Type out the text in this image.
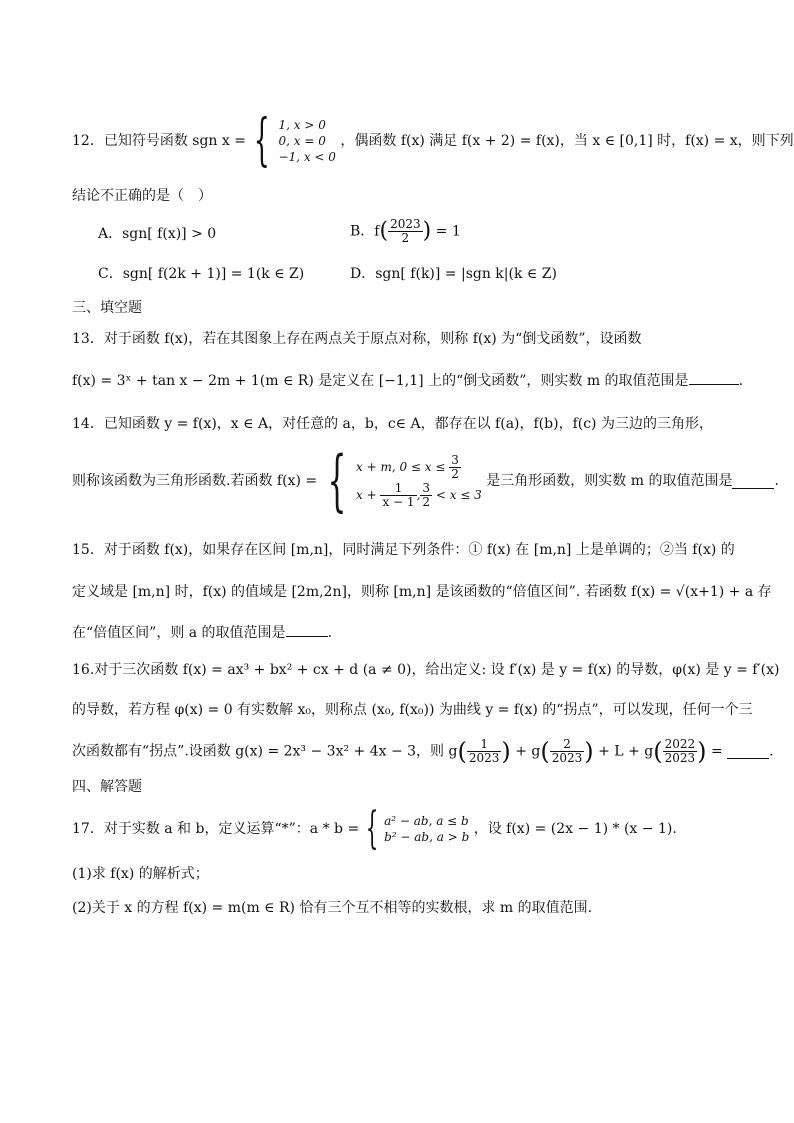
12．已知符号函数 sgn x = { 1, x > 0
0, x = 0
−1, x < 0
，偶函数 f(x) 满足 f(x + 2) = f(x)，当 x ∈ [0,1] 时，f(x) = x，则下列
结论不正确的是（　）
A．sgn[ f(x)] > 0	B．$f( \frac{2023}{2}$ ) = 1
C．sgn[ f(2k + 1)] = 1(k ∈ Z)	D．sgn[ f(k)] = |sgn k|(k ∈ Z)
三、填空题
13．对于函数 f(x)，若在其图象上存在两点关于原点对称，则称 f(x) 为“倒戈函数”，设函数
f(x) = 3ˣ + tan x − 2m + 1(m ∈ R) 是定义在 [−1,1] 上的“倒戈函数”，则实数 m 的取值范围是	.
14．已知函数 y = f(x)，x ∈ A，对任意的 a，b，c∈ A，都存在以 f(a)，f(b)，f(c) 为三边的三角形，
则称该函数为三角形函数.若函数 f(x) = { x + m, $0 \le x \le \frac{3}{2}$
$x + \frac{1}{x - 1}$ , $\frac{3}{2} < x \le 3$
是三角形函数，则实数 m 的取值范围是	.
15．对于函数 f(x)，如果存在区间 [m,n]，同时满足下列条件：① f(x) 在 [m,n] 上是单调的；②当 f(x) 的
定义域是 [m,n] 时，f(x) 的值域是 [2m,2n]，则称 [m,n] 是该函数的“倍值区间”. 若函数 f(x) = √(x+1) + a 存
在“倍值区间”，则 a 的取值范围是	.
16.对于三次函数 f(x) = ax³ + bx² + cx + d (a ≠ 0)，给出定义: 设 f′(x) 是 y = f(x) 的导数，φ(x) 是 y = f′(x)
的导数，若方程 φ(x) = 0 有实数解 x₀，则称点 (x₀, f(x₀)) 为曲线 y = f(x) 的“拐点”，可以发现，任何一个三
次函数都有“拐点”.设函数 g(x) = 2x³ − 3x² + 4x − 3，则 $g( \frac{1}{2023}$ ) + $g( \frac{2}{2023}$ ) + $L + g( \frac{2022}{2023}$ ) =	.
四、解答题
17．对于实数 a 和 b，定义运算“*”：a * b = { a² − ab, a ≤ b
b² − ab, a > b ，设 f(x) = (2x − 1) * (x − 1).
(1)求 f(x) 的解析式；
(2)关于 x 的方程 f(x) = m(m ∈ R) 恰有三个互不相等的实数根，求 m 的取值范围.
